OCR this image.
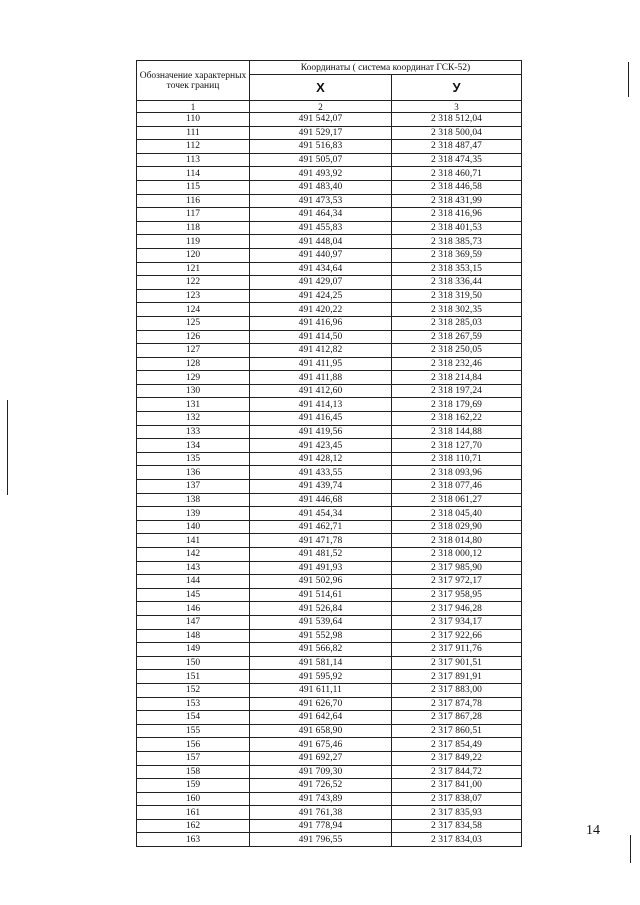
Обозначение характерных точек границ	Координаты ( система координат ГСК-52)	
	X	У
1	2	3
110	491 542,07	2 318 512,04
111	491 529,17	2 318 500,04
112	491 516,83	2 318 487,47
113	491 505,07	2 318 474,35
114	491 493,92	2 318 460,71
115	491 483,40	2 318 446,58
116	491 473,53	2 318 431,99
117	491 464,34	2 318 416,96
118	491 455,83	2 318 401,53
119	491 448,04	2 318 385,73
120	491 440,97	2 318 369,59
121	491 434,64	2 318 353,15
122	491 429,07	2 318 336,44
123	491 424,25	2 318 319,50
124	491 420,22	2 318 302,35
125	491 416,96	2 318 285,03
126	491 414,50	2 318 267,59
127	491 412,82	2 318 250,05
128	491 411,95	2 318 232,46
129	491 411,88	2 318 214,84
130	491 412,60	2 318 197,24
131	491 414,13	2 318 179,69
132	491 416,45	2 318 162,22
133	491 419,56	2 318 144,88
134	491 423,45	2 318 127,70
135	491 428,12	2 318 110,71
136	491 433,55	2 318 093,96
137	491 439,74	2 318 077,46
138	491 446,68	2 318 061,27
139	491 454,34	2 318 045,40
140	491 462,71	2 318 029,90
141	491 471,78	2 318 014,80
142	491 481,52	2 318 000,12
143	491 491,93	2 317 985,90
144	491 502,96	2 317 972,17
145	491 514,61	2 317 958,95
146	491 526,84	2 317 946,28
147	491 539,64	2 317 934,17
148	491 552,98	2 317 922,66
149	491 566,82	2 317 911,76
150	491 581,14	2 317 901,51
151	491 595,92	2 317 891,91
152	491 611,11	2 317 883,00
153	491 626,70	2 317 874,78
154	491 642,64	2 317 867,28
155	491 658,90	2 317 860,51
156	491 675,46	2 317 854,49
157	491 692,27	2 317 849,22
158	491 709,30	2 317 844,72
159	491 726,52	2 317 841,00
160	491 743,89	2 317 838,07
161	491 761,38	2 317 835,93
162	491 778,94	2 317 834,58
163	491 796,55	2 317 834,03
14
